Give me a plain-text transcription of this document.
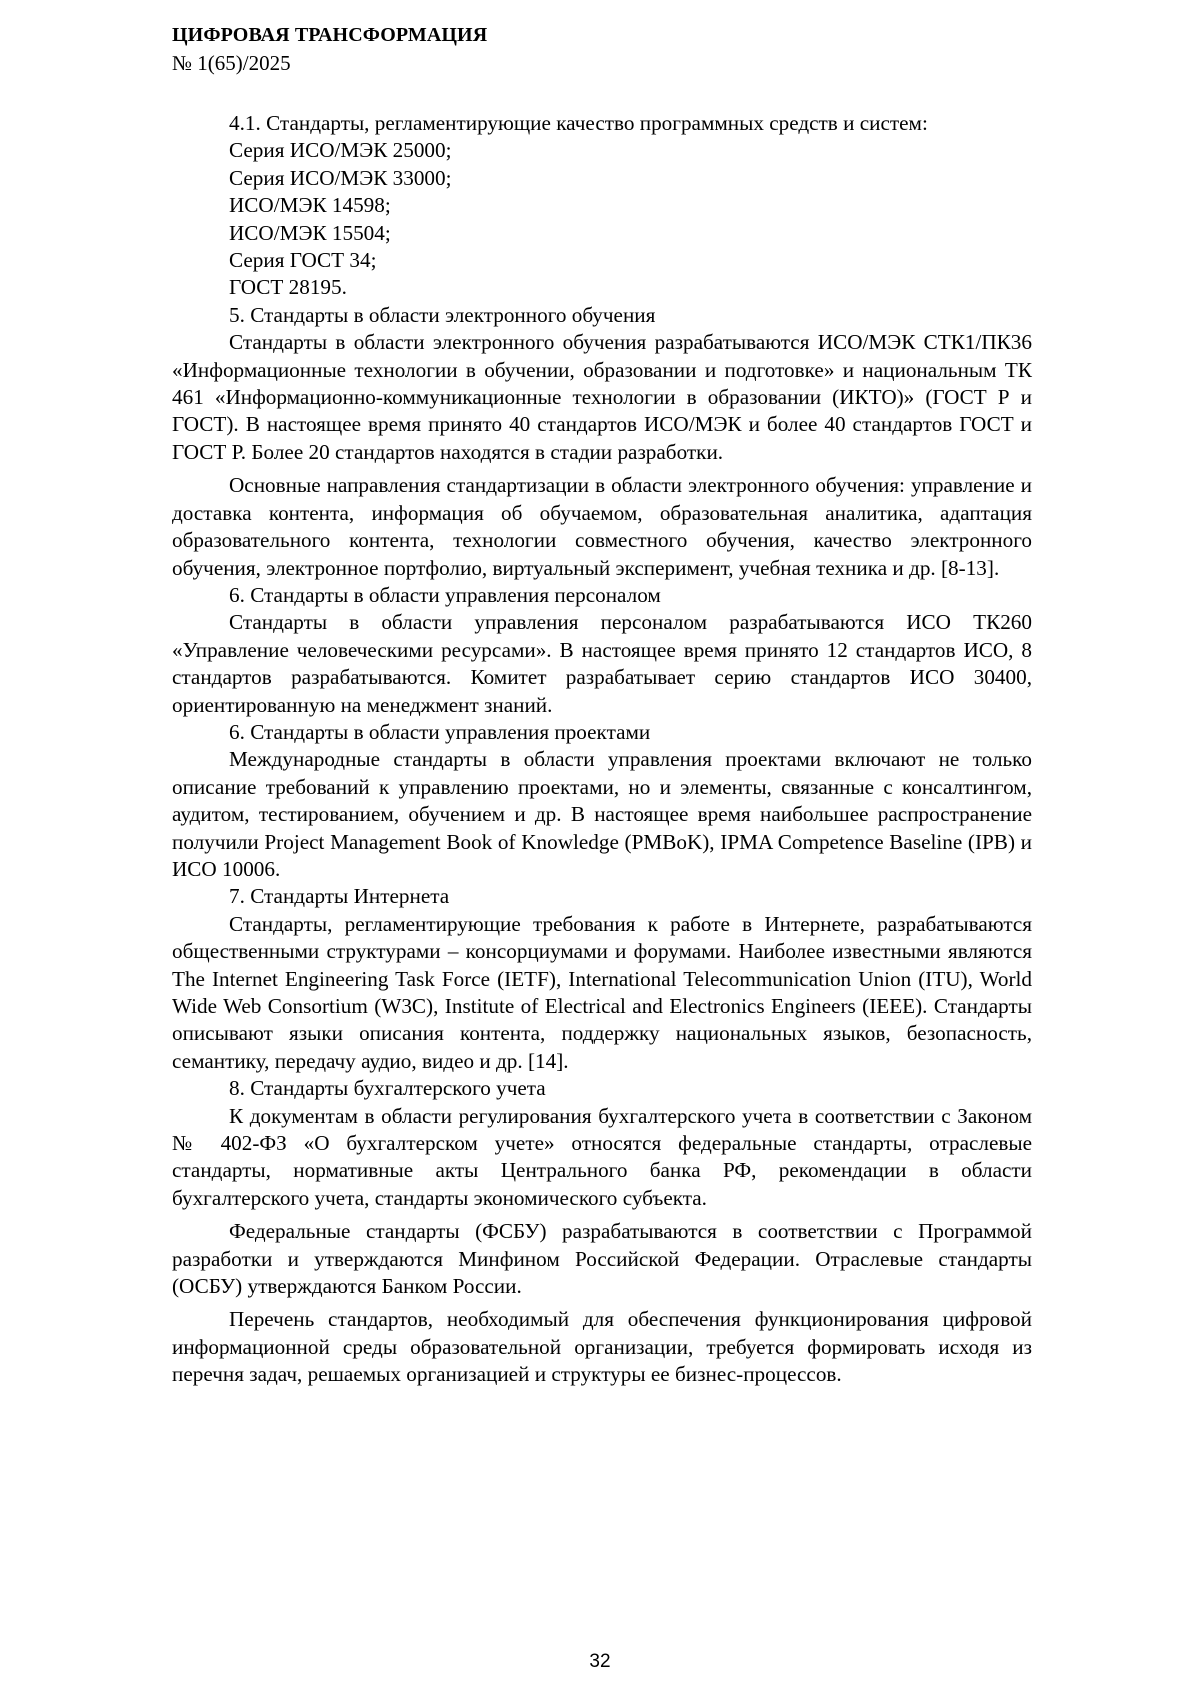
ЦИФРОВАЯ ТРАНСФОРМАЦИЯ
№ 1(65)/2025

4.1. Стандарты, регламентирующие качество программных средств и систем:

Серия ИСО/МЭК 25000;
Серия ИСО/МЭК 33000;
ИСО/МЭК 14598;
ИСО/МЭК 15504;
Серия ГОСТ 34;
ГОСТ 28195.
5. Стандарты в области электронного обучения

Стандарты в области электронного обучения разрабатываются ИСО/МЭК СТК1/ПК36 «Информационные технологии в обучении, образовании и подготовке» и национальным ТК 461 «Информационно-коммуникационные технологии в образовании (ИКТО)» (ГОСТ Р и ГОСТ). В настоящее время принято 40 стандартов ИСО/МЭК и более 40 стандартов ГОСТ и ГОСТ Р. Более 20 стандартов находятся в стадии разработки.

Основные направления стандартизации в области электронного обучения: управление и доставка контента, информация об обучаемом, образовательная аналитика, адаптация образовательного контента, технологии совместного обучения, качество электронного обучения, электронное портфолио, виртуальный эксперимент, учебная техника и др. [8-13].

6. Стандарты в области управления персоналом

Стандарты в области управления персоналом разрабатываются ИСО ТК260 «Управление человеческими ресурсами». В настоящее время принято 12 стандартов ИСО, 8 стандартов разрабатываются. Комитет разрабатывает серию стандартов ИСО 30400, ориентированную на менеджмент знаний.

6. Стандарты в области управления проектами

Международные стандарты в области управления проектами включают не только описание требований к управлению проектами, но и элементы, связанные с консалтингом, аудитом, тестированием, обучением и др. В настоящее время наибольшее распространение получили Project Management Book of Knowledge (PMBoK), IPMA Competence Baseline (IPB) и ИСО 10006.

7. Стандарты Интернета

Стандарты, регламентирующие требования к работе в Интернете, разрабатываются общественными структурами – консорциумами и форумами. Наиболее известными являются The Internet Engineering Task Force (IETF), International Telecommunication Union (ITU), World Wide Web Consortium (W3C), Institute of Electrical and Electronics Engineers (IEEE). Стандарты описывают языки описания контента, поддержку национальных языков, безопасность, семантику, передачу аудио, видео и др. [14].

8. Стандарты бухгалтерского учета

К документам в области регулирования бухгалтерского учета в соответствии с Законом № 402-ФЗ «О бухгалтерском учете» относятся федеральные стандарты, отраслевые стандарты, нормативные акты Центрального банка РФ, рекомендации в области бухгалтерского учета, стандарты экономического субъекта.

Федеральные стандарты (ФСБУ) разрабатываются в соответствии с Программой разработки и утверждаются Минфином Российской Федерации. Отраслевые стандарты (ОСБУ) утверждаются Банком России.

Перечень стандартов, необходимый для обеспечения функционирования цифровой информационной среды образовательной организации, требуется формировать исходя из перечня задач, решаемых организацией и структуры ее бизнес-процессов.

32
